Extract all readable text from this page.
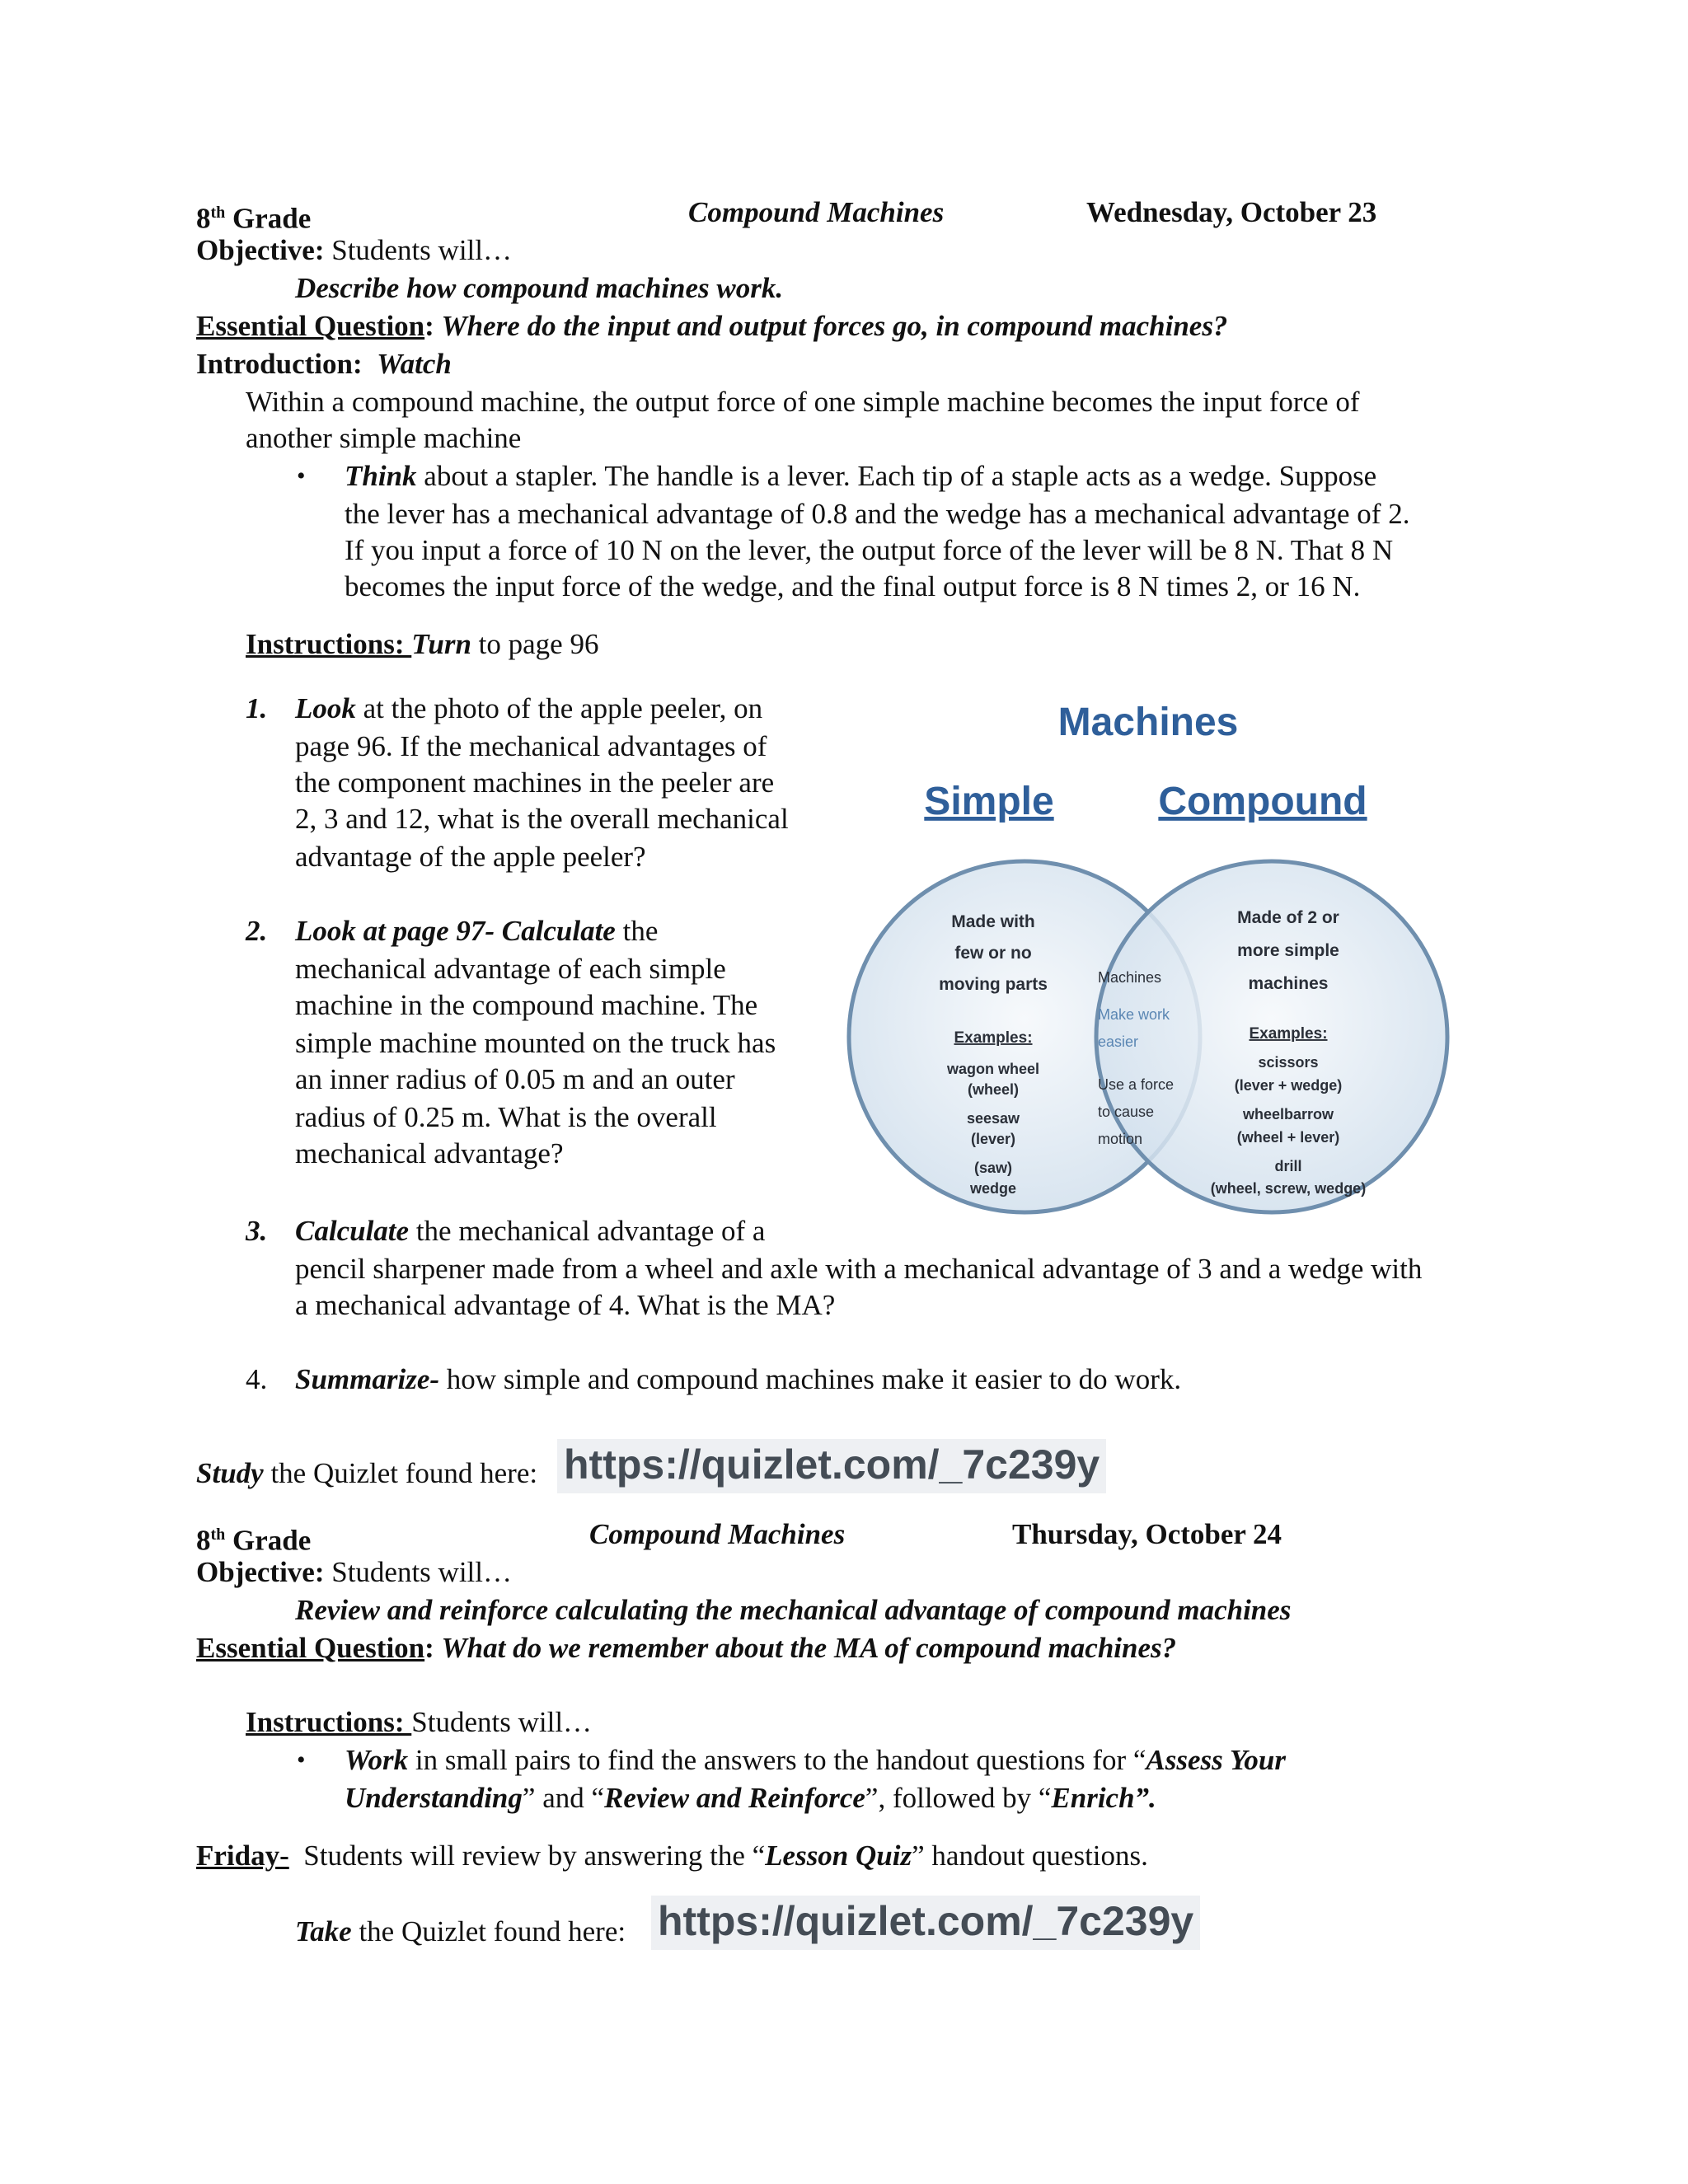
8th Grade	Compound Machines	Wednesday, October 23
Objective: Students will…
Describe how compound machines work.
Essential Question: Where do the input and output forces go, in compound machines?
Introduction: Watch
Within a compound machine, the output force of one simple machine becomes the input force of
another simple machine
• Think about a stapler. The handle is a lever. Each tip of a staple acts as a wedge. Suppose
the lever has a mechanical advantage of 0.8 and the wedge has a mechanical advantage of 2.
If you input a force of 10 N on the lever, the output force of the lever will be 8 N. That 8 N
becomes the input force of the wedge, and the final output force is 8 N times 2, or 16 N.
Instructions: Turn to page 96
1. Look at the photo of the apple peeler, on
page 96. If the mechanical advantages of
the component machines in the peeler are
2, 3 and 12, what is the overall mechanical
advantage of the apple peeler?
2. Look at page 97- Calculate the
mechanical advantage of each simple
machine in the compound machine. The
simple machine mounted on the truck has
an inner radius of 0.05 m and an outer
radius of 0.25 m. What is the overall
mechanical advantage?
3. Calculate the mechanical advantage of a
pencil sharpener made from a wheel and axle with a mechanical advantage of 3 and a wedge with
a mechanical advantage of 4. What is the MA?
4. Summarize- how simple and compound machines make it easier to do work.
Study the Quizlet found here: https://quizlet.com/_7c239y
Machines
Simple	Compound
Made with
few or no
moving parts
Examples:
wagon wheel
(wheel)
seesaw
(lever)
(saw)
wedge
Machines
Make work
easier
Use a force
to cause
motion
Made of 2 or
more simple
machines
Examples:
scissors
(lever + wedge)
wheelbarrow
(wheel + lever)
drill
(wheel, screw, wedge)
8th Grade	Compound Machines	Thursday, October 24
Objective: Students will…
Review and reinforce calculating the mechanical advantage of compound machines
Essential Question: What do we remember about the MA of compound machines?
Instructions: Students will…
• Work in small pairs to find the answers to the handout questions for “Assess Your
Understanding” and “Review and Reinforce”, followed by “Enrich”.
Friday- Students will review by answering the “Lesson Quiz” handout questions.
Take the Quizlet found here: https://quizlet.com/_7c239y
